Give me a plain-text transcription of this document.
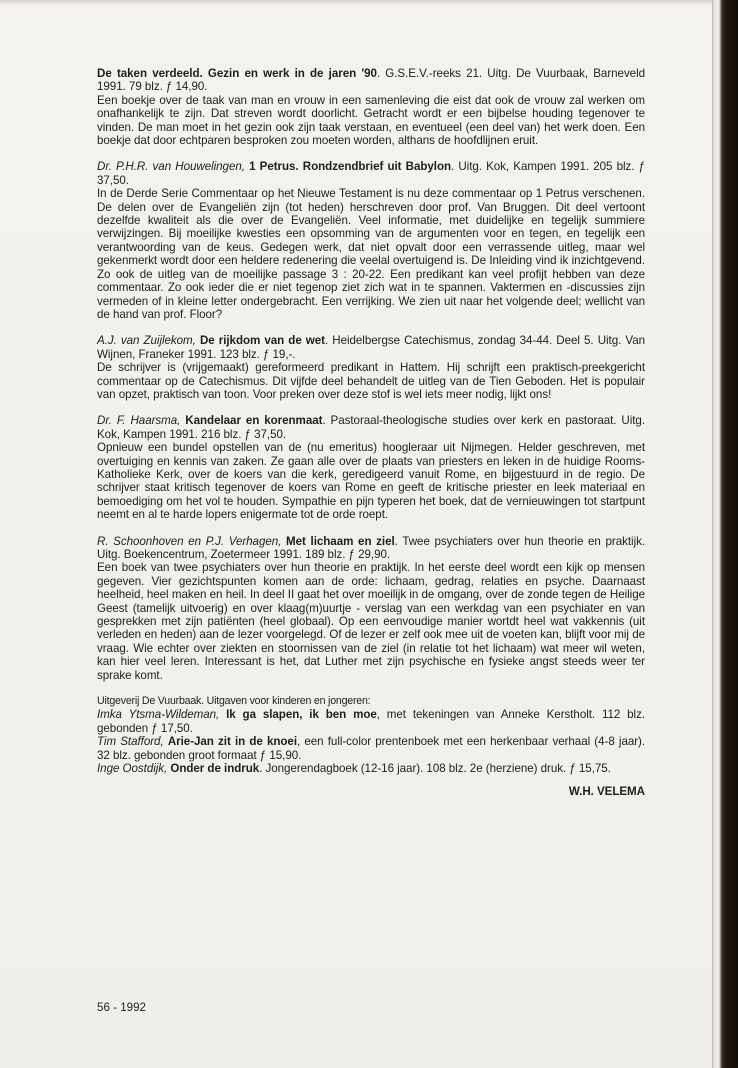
De taken verdeeld. Gezin en werk in de jaren '90. G.S.E.V.-reeks 21. Uitg. De Vuurbaak, Barneveld 1991. 79 blz. ƒ 14,90.
Een boekje over de taak van man en vrouw in een samenleving die eist dat ook de vrouw zal werken om onafhankelijk te zijn. Dat streven wordt doorlicht. Getracht wordt er een bijbelse houding tegenover te vinden. De man moet in het gezin ook zijn taak verstaan, en eventueel (een deel van) het werk doen. Een boekje dat door echtparen besproken zou moeten worden, althans de hoofdlijnen eruit.

Dr. P.H.R. van Houwelingen, 1 Petrus. Rondzendbrief uit Babylon. Uitg. Kok, Kampen 1991. 205 blz. ƒ 37,50.
In de Derde Serie Commentaar op het Nieuwe Testament is nu deze commentaar op 1 Petrus verschenen. De delen over de Evangeliën zijn (tot heden) herschreven door prof. Van Bruggen. Dit deel vertoont dezelfde kwaliteit als die over de Evangeliën. Veel informatie, met duidelijke en tegelijk summiere verwijzingen. Bij moeilijke kwesties een opsomming van de argumenten voor en tegen, en tegelijk een verantwoording van de keus. Gedegen werk, dat niet opvalt door een verrassende uitleg, maar wel gekenmerkt wordt door een heldere redenering die veelal overtuigend is. De Inleiding vind ik inzichtgevend. Zo ook de uitleg van de moeilijke passage 3 : 20-22. Een predikant kan veel profijt hebben van deze commentaar. Zo ook ieder die er niet tegenop ziet zich wat in te spannen. Vaktermen en -discussies zijn vermeden of in kleine letter ondergebracht. Een verrijking. We zien uit naar het volgende deel; wellicht van de hand van prof. Floor?

A.J. van Zuijlekom, De rijkdom van de wet. Heidelbergse Catechismus, zondag 34-44. Deel 5. Uitg. Van Wijnen, Franeker 1991. 123 blz. ƒ 19,-.
De schrijver is (vrijgemaakt) gereformeerd predikant in Hattem. Hij schrijft een praktisch-preekgericht commentaar op de Catechismus. Dit vijfde deel behandelt de uitleg van de Tien Geboden. Het is populair van opzet, praktisch van toon. Voor preken over deze stof is wel iets meer nodig, lijkt ons!

Dr. F. Haarsma, Kandelaar en korenmaat. Pastoraal-theologische studies over kerk en pastoraat. Uitg. Kok, Kampen 1991. 216 blz. ƒ 37,50.
Opnieuw een bundel opstellen van de (nu emeritus) hoogleraar uit Nijmegen. Helder geschreven, met overtuiging en kennis van zaken. Ze gaan alle over de plaats van priesters en leken in de huidige Rooms-Katholieke Kerk, over de koers van die kerk, geredigeerd vanuit Rome, en bijgestuurd in de regio. De schrijver staat kritisch tegenover de koers van Rome en geeft de kritische priester en leek materiaal en bemoediging om het vol te houden. Sympathie en pijn typeren het boek, dat de vernieuwingen tot startpunt neemt en al te harde lopers enigermate tot de orde roept.

R. Schoonhoven en P.J. Verhagen, Met lichaam en ziel. Twee psychiaters over hun theorie en praktijk. Uitg. Boekencentrum, Zoetermeer 1991. 189 blz. ƒ 29,90.
Een boek van twee psychiaters over hun theorie en praktijk. In het eerste deel wordt een kijk op mensen gegeven. Vier gezichtspunten komen aan de orde: lichaam, gedrag, relaties en psyche. Daarnaast heelheid, heel maken en heil. In deel II gaat het over moeilijk in de omgang, over de zonde tegen de Heilige Geest (tamelijk uitvoerig) en over klaag(m)uurtje - verslag van een werkdag van een psychiater en van gesprekken met zijn patiënten (heel globaal). Op een eenvoudige manier wortdt heel wat vakkennis (uit verleden en heden) aan de lezer voorgelegd. Of de lezer er zelf ook mee uit de voeten kan, blijft voor mij de vraag. Wie echter over ziekten en stoornissen van de ziel (in relatie tot het lichaam) wat meer wil weten, kan hier veel leren. Interessant is het, dat Luther met zijn psychische en fysieke angst steeds weer ter sprake komt.

Uitgeverij De Vuurbaak. Uitgaven voor kinderen en jongeren:

Imka Ytsma-Wildeman, Ik ga slapen, ik ben moe, met tekeningen van Anneke Kerstholt. 112 blz. gebonden ƒ 17,50.

Tim Stafford, Arie-Jan zit in de knoei, een full-color prentenboek met een herkenbaar verhaal (4-8 jaar). 32 blz. gebonden groot formaat ƒ 15,90.

Inge Oostdijk, Onder de indruk. Jongerendagboek (12-16 jaar). 108 blz. 2e (herziene) druk. ƒ 15,75.

W.H. VELEMA
56 - 1992
